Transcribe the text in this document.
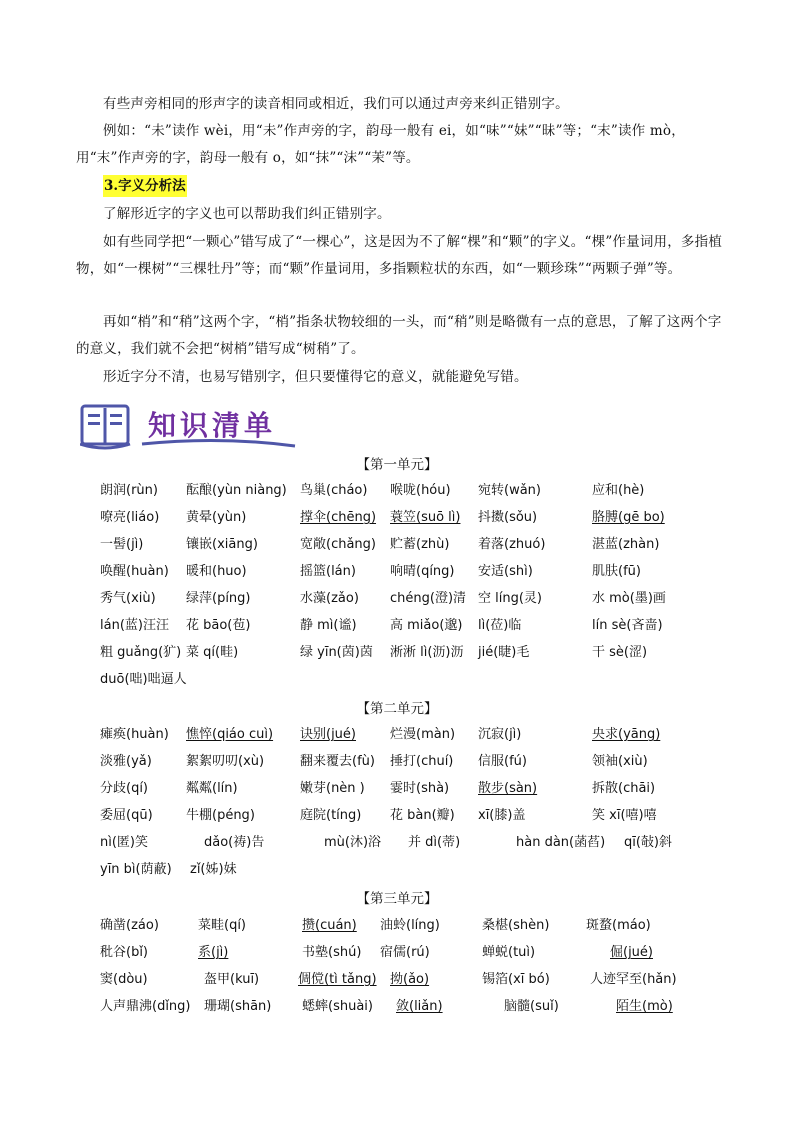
有些声旁相同的形声字的读音相同或相近，我们可以通过声旁来纠正错别字。

例如：“未”读作 wèi，用“未”作声旁的字，韵母一般有 ei，如“味”“妹”“昧”等；“末”读作 mò，用“末”作声旁的字，韵母一般有 o，如“抹”“沫”“茉”等。

3.字义分析法

了解形近字的字义也可以帮助我们纠正错别字。

如有些同学把“一颗心”错写成了“一棵心”，这是因为不了解“棵”和“颗”的字义。“棵”作量词用，多指植物，如“一棵树”“三棵牡丹”等；而“颗”作量词用，多指颗粒状的东西，如“一颗珍珠”“两颗子弹”等。

再如“梢”和“稍”这两个字，“梢”指条状物较细的一头，而“稍”则是略微有一点的意思，了解了这两个字的意义，我们就不会把“树梢”错写成“树稍”了。

形近字分不清，也易写错别字，但只要懂得它的意义，就能避免写错。

知识清单

【第一单元】

朗润(rùn) 酝酿(yùn niàng) 鸟巢(cháo) 喉咙(hóu) 宛转(wǎn)	应和(hè)
嘹亮(liáo) 黄晕(yùn)	撑伞(chēng) 蓑笠(suō lì) 抖擞(sǒu)	胳膊(gē bo)
一髻(jì)	镶嵌(xiāng)	宽敞(chǎng) 贮蓄(zhù) 着落(zhuó)	湛蓝(zhàn)
唤醒(huàn) 暖和(huo)	摇篮(lán)	响晴(qíng) 安适(shì)	肌肤(fū)
秀气(xiù) 绿萍(píng)	水藻(zǎo) chéng(澄)清 空 líng(灵)	水 mò(墨)画
lán(蓝)汪汪 花 bāo(苞)	静 mì(谧)	高 miǎo(邈) lì(莅)临	lín sè(吝啬)
粗 guǎng(犷) 菜 qí(畦)	绿 yīn(茵)茵 淅淅 lì(沥)沥 jié(睫)毛	干 sè(涩)
duō(咄)咄逼人

【第二单元】

瘫痪(huàn) 憔悴(qiáo cuì) 诀别(jué)	烂漫(màn) 沉寂(jì)	央求(yāng)
淡雅(yǎ)	絮絮叨叨(xù)	翻来覆去(fù) 捶打(chuí) 信服(fú)	领袖(xiù)
分歧(qí)	粼粼(lín)	嫩芽(nèn ) 霎时(shà) 散步(sàn)	拆散(chāi)
委屈(qū)	牛棚(péng)	庭院(tíng) 花 bàn(瓣) xī(膝)盖	笑 xī(嘻)嘻
nì(匿)笑	dǎo(祷)告	mù(沐)浴 并 dì(蒂)	hàn dàn(菡萏) qī(敧)斜
yīn bì(荫蔽) zǐ(姊)妹

【第三单元】

确凿(záo)	菜畦(qí)	攒(cuán) 油蛉(líng)	桑椹(shèn)	斑蝥(máo)
秕谷(bǐ)	系(jì)	书塾(shú) 宿儒(rú)	蝉蜕(tuì)	倔(jué)
窦(dòu)	盔甲(kuī)	倜傥(tì tǎng) 拗(ǎo)	锡箔(xī bó)	人迹罕至(hǎn)
人声鼎沸(dǐng) 珊瑚(shān) 蟋蟀(shuài) 敛(liǎn)	脑髓(suǐ)	陌生(mò)
